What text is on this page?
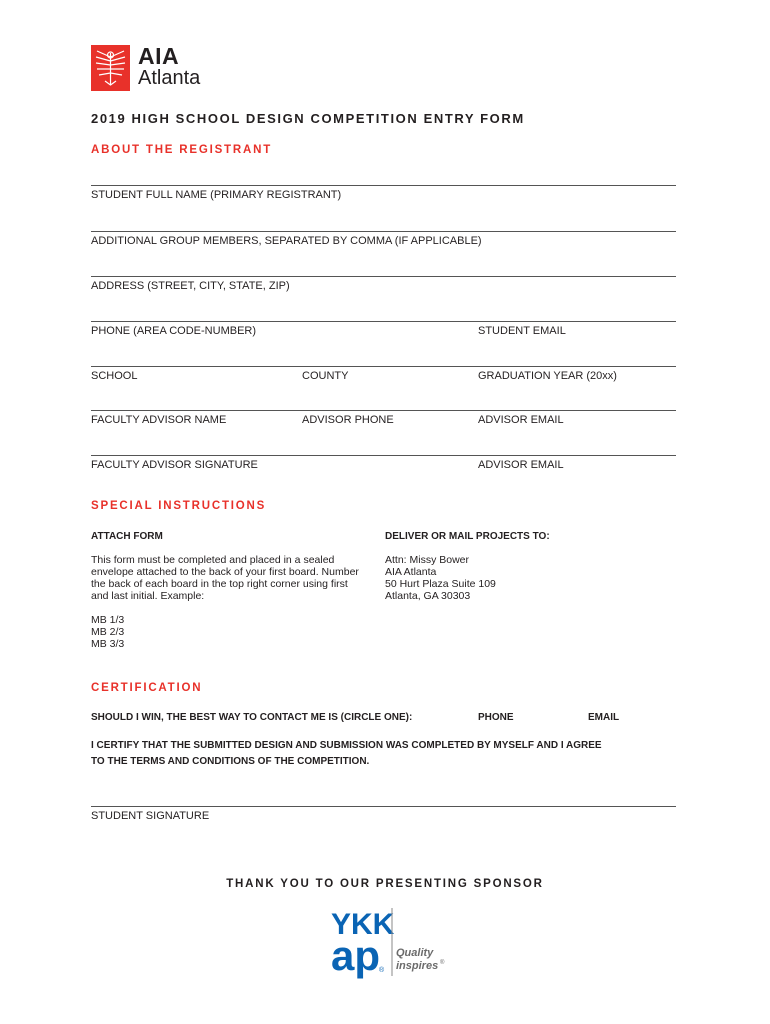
AIA
Atlanta
2019 HIGH SCHOOL DESIGN COMPETITION ENTRY FORM
ABOUT THE REGISTRANT
STUDENT FULL NAME (PRIMARY REGISTRANT)
ADDITIONAL GROUP MEMBERS, SEPARATED BY COMMA (IF APPLICABLE)
ADDRESS (STREET, CITY, STATE, ZIP)
PHONE (AREA CODE-NUMBER)	STUDENT EMAIL
SCHOOL	COUNTY	GRADUATION YEAR (20xx)
FACULTY ADVISOR NAME	ADVISOR PHONE	ADVISOR EMAIL
FACULTY ADVISOR SIGNATURE	ADVISOR EMAIL
SPECIAL INSTRUCTIONS
ATTACH FORM	DELIVER OR MAIL PROJECTS TO:
This form must be completed and placed in a sealed
envelope attached to the back of your first board. Number
the back of each board in the top right corner using first
and last initial. Example:
Attn: Missy Bower
AIA Atlanta
50 Hurt Plaza Suite 109
Atlanta, GA 30303
MB 1/3
MB 2/3
MB 3/3
CERTIFICATION
SHOULD I WIN, THE BEST WAY TO CONTACT ME IS (CIRCLE ONE):	PHONE	EMAIL
I CERTIFY THAT THE SUBMITTED DESIGN AND SUBMISSION WAS COMPLETED BY MYSELF AND I AGREE
TO THE TERMS AND CONDITIONS OF THE COMPETITION.
STUDENT SIGNATURE
THANK YOU TO OUR PRESENTING SPONSOR
YKK
ap
®
Quality
inspires ®
